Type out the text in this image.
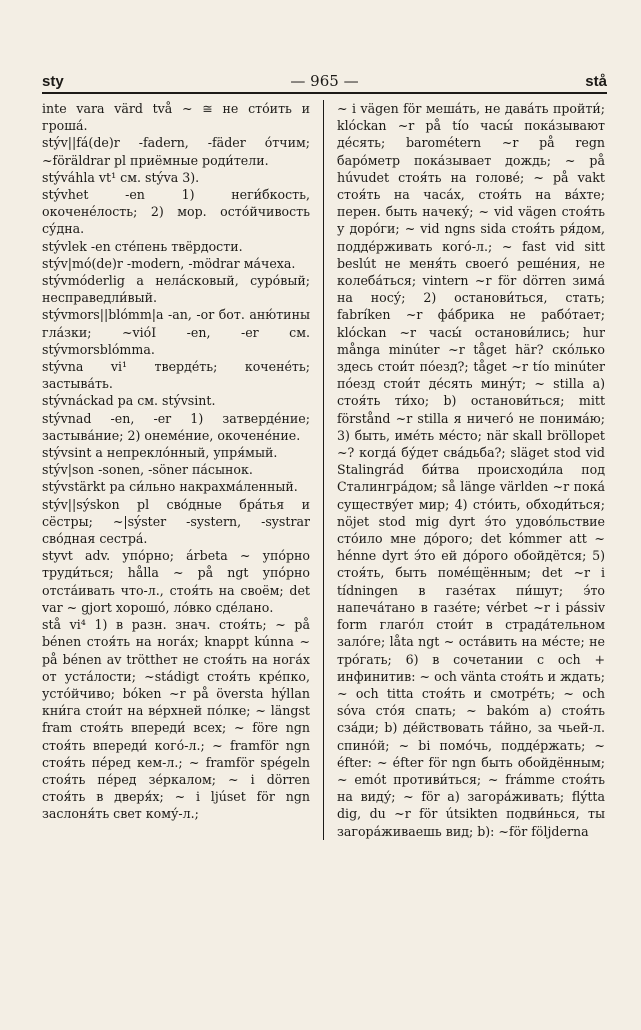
sty	— 965 —	stå

inte vara värd två ~ ≅ не сто́ить и гроша́.

stýv||fá(de)r -fadern, -fäder о́тчим; ~föräldrar pl приёмные роди́тели.

stýváhla vt¹ см. stýva 3).

stývhet -en 1) неги́бкость, окоченéлость; 2) мор. осто́йчивость су́дна.

stývlek -en сте́пень твёрдости.

stýv|mó(de)r -modern, -mödrar ма́чеха.

stývmóderlig a нела́сковый, суро́вый; несправедли́вый.

stývmors||blómm|a -an, -or бот. аню́тины гла́зки; ~vióI -en, -er см. stývmorsblómma.

stývna vi¹ тверде́ть; кочене́ть; застыва́ть.

stývnáckad pa см. stývsint.

stývnad -en, -er 1) затверде́ние; застыва́ние; 2) онеме́ние, окочене́ние.

stývsint a непрекло́нный, упря́мый.

stýv|son -sonen, -söner па́сынок.

stývstärkt pa си́льно накрахма́ленный.

stýv||sýskon pl сво́дные бра́тья и сёстры; ~|sýster -systern, -systrar сво́дная сестра́.

styvt adv. упо́рно; árbeta ~ упо́рно труди́ться; hålla ~ på ngt упо́рно отста́ивать что-л., стоя́ть на своём; det var ~ gjort хорошо́, ло́вко сде́лано.

stå vi⁴ 1) в разн. знач. стоя́ть; ~ på bénen стоя́ть на нога́х; knappt kúnna ~ på bénen av tröttheт не стоя́ть на нога́х от уста́лости; ~stádigt стоя́ть кре́пко, усто́йчиво; bóken ~r på översta hýllan кни́га стои́т на ве́рхней по́лке; ~ längst fram стоя́ть впереди́ всех; ~ före ngn стоя́ть впереди́ кого́-л.; ~ framför ngn стоя́ть пе́ред кем-л.; ~ framför spégeln стоя́ть пе́ред зе́ркалом; ~ i dörren стоя́ть в дверя́х; ~ i ljúset för ngn заслоня́ть свет кому́-л.;

~ i vägen för меша́ть, не дава́ть пройти́; klóckan ~r på tío часы́ пока́зывают де́сять; barométern ~r på regn баро́метр пока́зывает дождь; ~ på húvudet стоя́ть на голове́; ~ på vakt стоя́ть на часа́х, стоя́ть на ва́хте; перен. быть начеку́; ~ vid vägen стоя́ть у доро́ги; ~ vid ngns sida стоя́ть ря́дом, подде́рживать кого́-л.; ~ fast vid sitt beslút не меня́ть своего́ реше́ния, не колеба́ться; vintern ~r för dörren зима́ на носу́; 2) останови́ться, стать; fabríken ~r фа́брика не рабо́тает; klóckan ~r часы́ останови́лись; hur många minúter ~r tåget här? ско́лько здесь стои́т по́езд?; tåget ~r tío minúter по́езд стои́т де́сять мину́т; ~ stilla а) стоя́ть ти́хо; b) останови́ться; mitt förstånd ~r stilla я ничего́ не понима́ю; 3) быть, име́ть ме́сто; när skall bröllopet ~? когда́ бу́дет сва́дьба?; släget stod vid Stalingrád би́тва происходи́ла под Сталингра́дом; så länge världen ~r пока́ существу́ет мир; 4) сто́ить, обходи́ться; nöjet stod mig dyrt э́то удово́льствие сто́ило мне до́рого; det kómmer att ~ hénne dyrt э́то ей до́рого обойдётся; 5) стоя́ть, быть поме́щённым; det ~r i tídningen в газе́тах пи́шут; э́то напеча́тано в газе́те; vérbet ~r i pássiv form глаго́л стои́т в страда́тельном зало́ге; låta ngt ~ оста́вить на ме́сте; не тро́гать; 6) в сочетании с och + инфинитив: ~ och vänta стоя́ть и ждать; ~ och titta стоя́ть и смотре́ть; ~ och sóva сто́я спать; ~ bakóm а) стоя́ть сза́ди; b) де́йствовать та́йно, за чьей-л. спино́й; ~ bi помо́чь, подде́ржать; ~ éfter: ~ éfter för ngn быть обойдённым; ~ emót противи́ться; ~ frámme стоя́ть на виду́; ~ för а) загора́живать; flýtta dig, du ~r för útsikten подви́нься, ты загора́живаешь вид; b): ~för följderna
